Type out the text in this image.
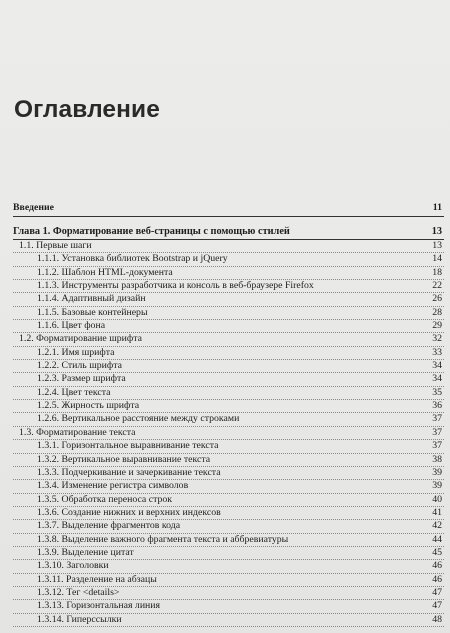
Оглавление
Введение	11
Глава 1. Форматирование веб-страницы с помощью стилей	13
1.1. Первые шаги	13
1.1.1. Установка библиотек Bootstrap и jQuery	14
1.1.2. Шаблон HTML-документа	18
1.1.3. Инструменты разработчика и консоль в веб-браузере Firefox	22
1.1.4. Адаптивный дизайн	26
1.1.5. Базовые контейнеры	28
1.1.6. Цвет фона	29
1.2. Форматирование шрифта	32
1.2.1. Имя шрифта	33
1.2.2. Стиль шрифта	34
1.2.3. Размер шрифта	34
1.2.4. Цвет текста	35
1.2.5. Жирность шрифта	36
1.2.6. Вертикальное расстояние между строками	37
1.3. Форматирование текста	37
1.3.1. Горизонтальное выравнивание текста	37
1.3.2. Вертикальное выравнивание текста	38
1.3.3. Подчеркивание и зачеркивание текста	39
1.3.4. Изменение регистра символов	39
1.3.5. Обработка переноса строк	40
1.3.6. Создание нижних и верхних индексов	41
1.3.7. Выделение фрагментов кода	42
1.3.8. Выделение важного фрагмента текста и аббревиатуры	44
1.3.9. Выделение цитат	45
1.3.10. Заголовки	46
1.3.11. Разделение на абзацы	46
1.3.12. Тег <details>	47
1.3.13. Горизонтальная линия	47
1.3.14. Гиперссылки	48
